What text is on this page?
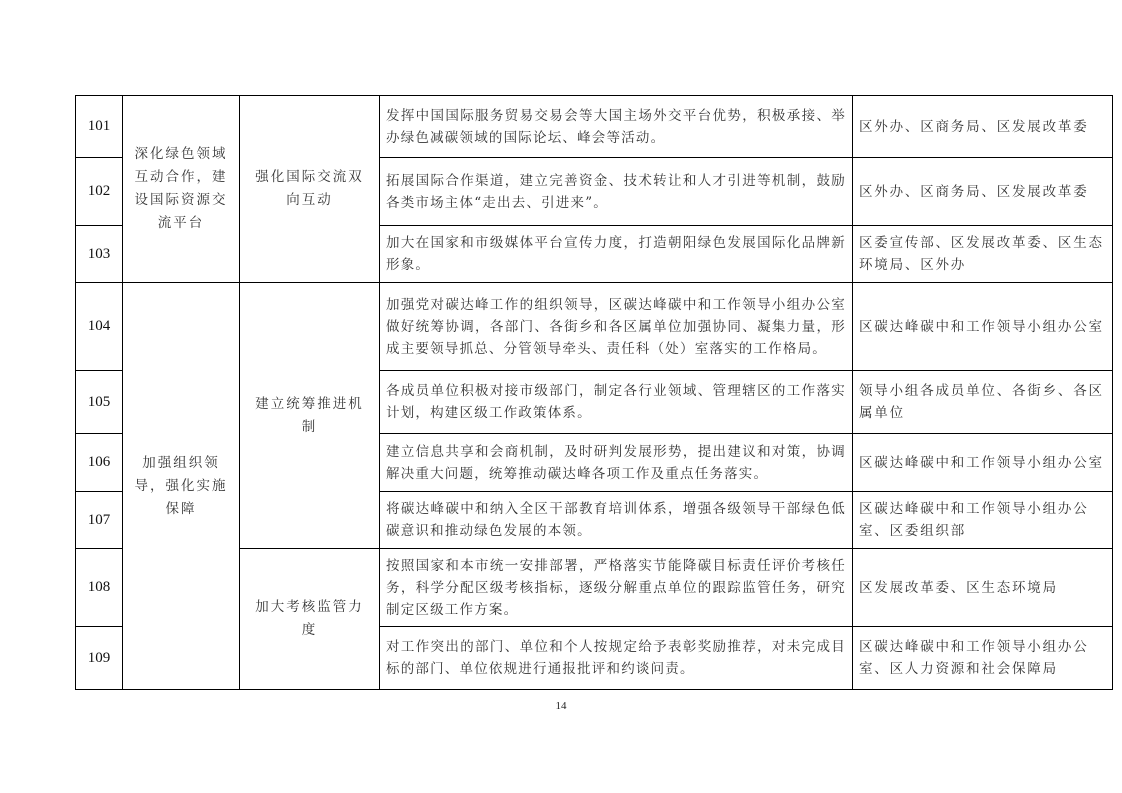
101	深化绿色领域互动合作，建设国际资源交流平台	强化国际交流双向互动	发挥中国国际服务贸易交易会等大国主场外交平台优势，积极承接、举办绿色减碳领域的国际论坛、峰会等活动。	区外办、区商务局、区发展改革委
102			拓展国际合作渠道，建立完善资金、技术转让和人才引进等机制，鼓励各类市场主体“走出去、引进来”。	区外办、区商务局、区发展改革委
103			加大在国家和市级媒体平台宣传力度，打造朝阳绿色发展国际化品牌新形象。	区委宣传部、区发展改革委、区生态环境局、区外办
104	加强组织领导，强化实施保障	建立统筹推进机制	加强党对碳达峰工作的组织领导，区碳达峰碳中和工作领导小组办公室做好统筹协调，各部门、各街乡和各区属单位加强协同、凝集力量，形成主要领导抓总、分管领导牵头、责任科（处）室落实的工作格局。	区碳达峰碳中和工作领导小组办公室
105			各成员单位积极对接市级部门，制定各行业领域、管理辖区的工作落实计划，构建区级工作政策体系。	领导小组各成员单位、各街乡、各区属单位
106			建立信息共享和会商机制，及时研判发展形势，提出建议和对策，协调解决重大问题，统筹推动碳达峰各项工作及重点任务落实。	区碳达峰碳中和工作领导小组办公室
107			将碳达峰碳中和纳入全区干部教育培训体系，增强各级领导干部绿色低碳意识和推动绿色发展的本领。	区碳达峰碳中和工作领导小组办公室、区委组织部
108		加大考核监管力度	按照国家和本市统一安排部署，严格落实节能降碳目标责任评价考核任务，科学分配区级考核指标，逐级分解重点单位的跟踪监管任务，研究制定区级工作方案。	区发展改革委、区生态环境局
109			对工作突出的部门、单位和个人按规定给予表彰奖励推荐，对未完成目标的部门、单位依规进行通报批评和约谈问责。	区碳达峰碳中和工作领导小组办公室、区人力资源和社会保障局
14
